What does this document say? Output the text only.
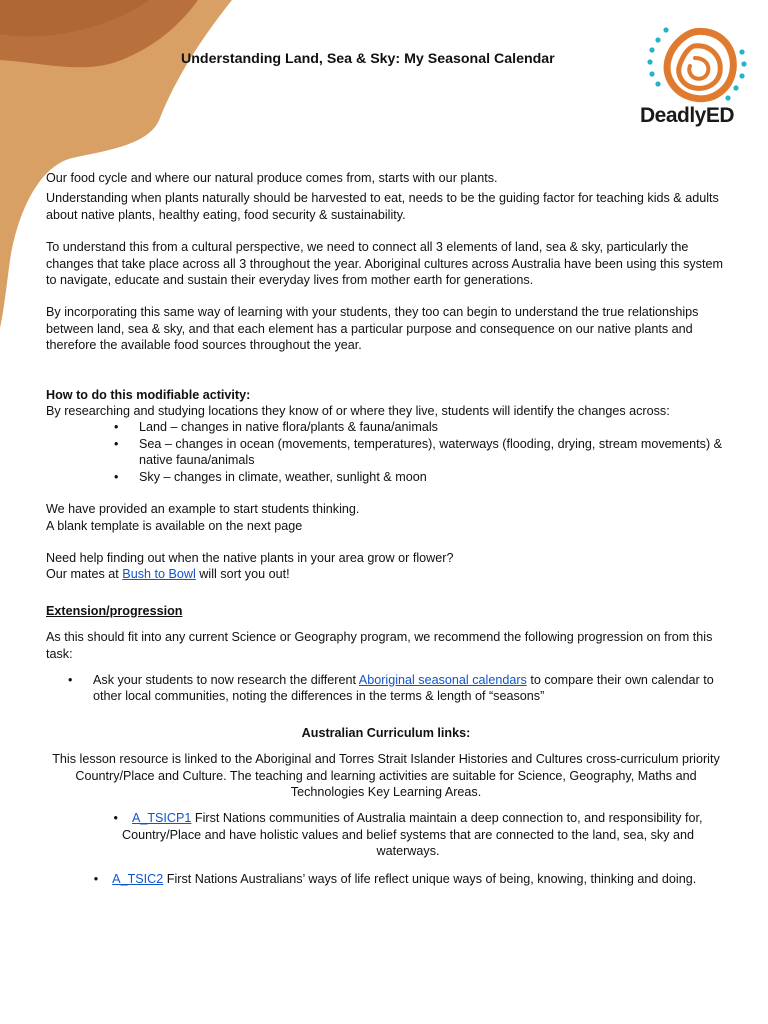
Understanding Land, Sea & Sky: My Seasonal Calendar

DeadlyED

Our food cycle and where our natural produce comes from, starts with our plants.

Understanding when plants naturally should be harvested to eat, needs to be the guiding factor for teaching kids & adults about native plants, healthy eating, food security & sustainability.

To understand this from a cultural perspective, we need to connect all 3 elements of land, sea & sky, particularly the changes that take place across all 3 throughout the year. Aboriginal cultures across Australia have been using this system to navigate, educate and sustain their everyday lives from mother earth for generations.

By incorporating this same way of learning with your students, they too can begin to understand the true relationships between land, sea & sky, and that each element has a particular purpose and consequence on our native plants and therefore the available food sources throughout the year.

How to do this modifiable activity:

By researching and studying locations they know of or where they live, students will identify the changes across:

• Land – changes in native flora/plants & fauna/animals
• Sea – changes in ocean (movements, temperatures), waterways (flooding, drying, stream movements) & native fauna/animals
• Sky – changes in climate, weather, sunlight & moon

We have provided an example to start students thinking.

A blank template is available on the next page

Need help finding out when the native plants in your area grow or flower?

Our mates at Bush to Bowl will sort you out!

Extension/progression

As this should fit into any current Science or Geography program, we recommend the following progression on from this task:

• Ask your students to now research the different Aboriginal seasonal calendars to compare their own calendar to other local communities, noting the differences in the terms & length of “seasons”

Australian Curriculum links:

This lesson resource is linked to the Aboriginal and Torres Strait Islander Histories and Cultures cross-curriculum priority Country/Place and Culture. The teaching and learning activities are suitable for Science, Geography, Maths and Technologies Key Learning Areas.

•    A_TSICP1 First Nations communities of Australia maintain a deep connection to, and responsibility for, Country/Place and have holistic values and belief systems that are connected to the land, sea, sky and waterways.
•    A_TSIC2 First Nations Australians’ ways of life reflect unique ways of being, knowing, thinking and doing.
